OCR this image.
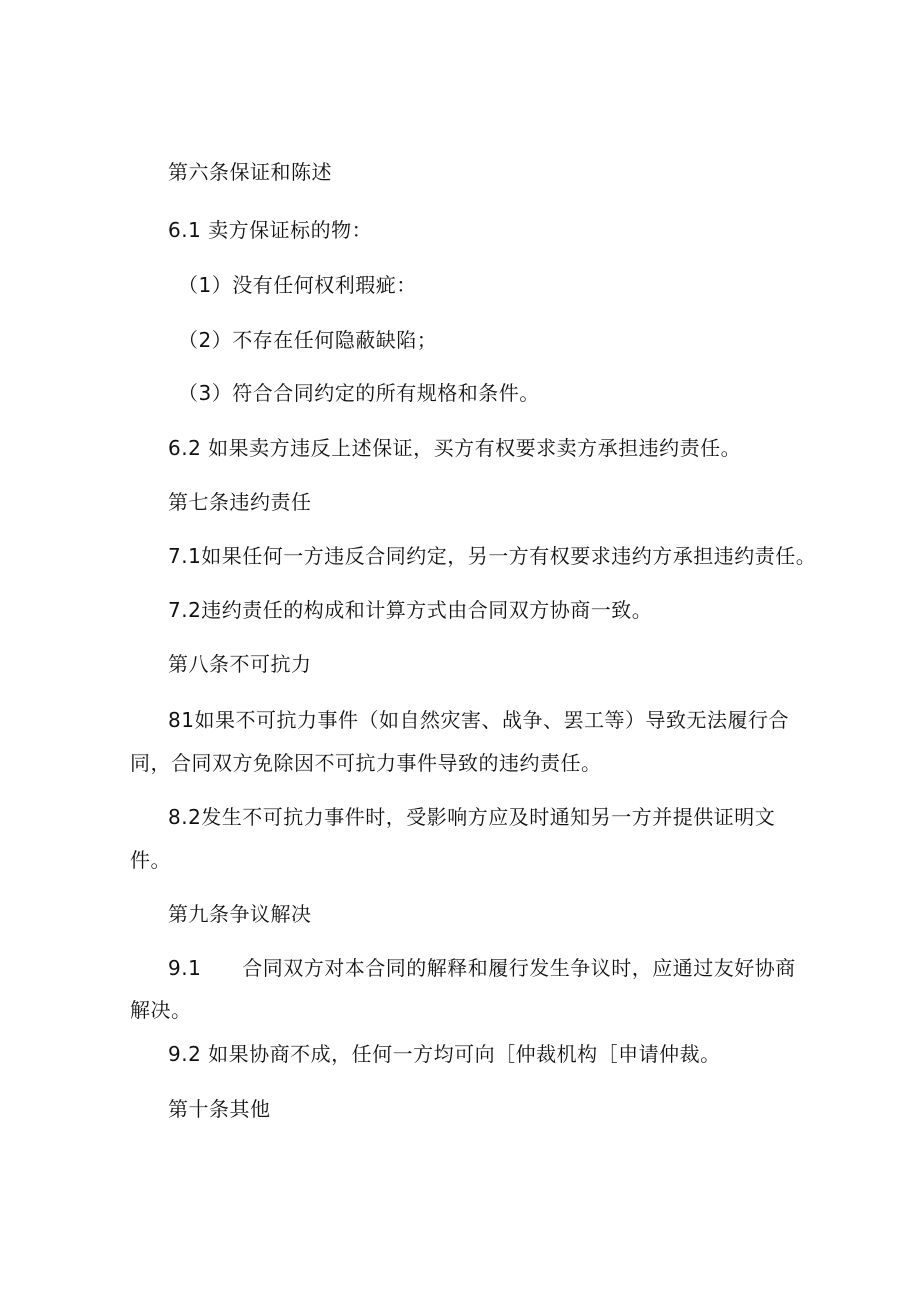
第六条保证和陈述
6.1 卖方保证标的物：
（1）没有任何权利瑕疵：
（2）不存在任何隐蔽缺陷；
（3）符合合同约定的所有规格和条件。
6.2 如果卖方违反上述保证，买方有权要求卖方承担违约责任。
第七条违约责任
7.1如果任何一方违反合同约定，另一方有权要求违约方承担违约责任。
7.2违约责任的构成和计算方式由合同双方协商一致。
第八条不可抗力
81如果不可抗力事件（如自然灾害、战争、罢工等）导致无法履行合
同，合同双方免除因不可抗力事件导致的违约责任。
8.2发生不可抗力事件时，受影响方应及时通知另一方并提供证明文
件。
第九条争议解决
9.1　　合同双方对本合同的解释和履行发生争议时，应通过友好协商
解决。
9.2 如果协商不成，任何一方均可向［仲裁机构［申请仲裁。
第十条其他
